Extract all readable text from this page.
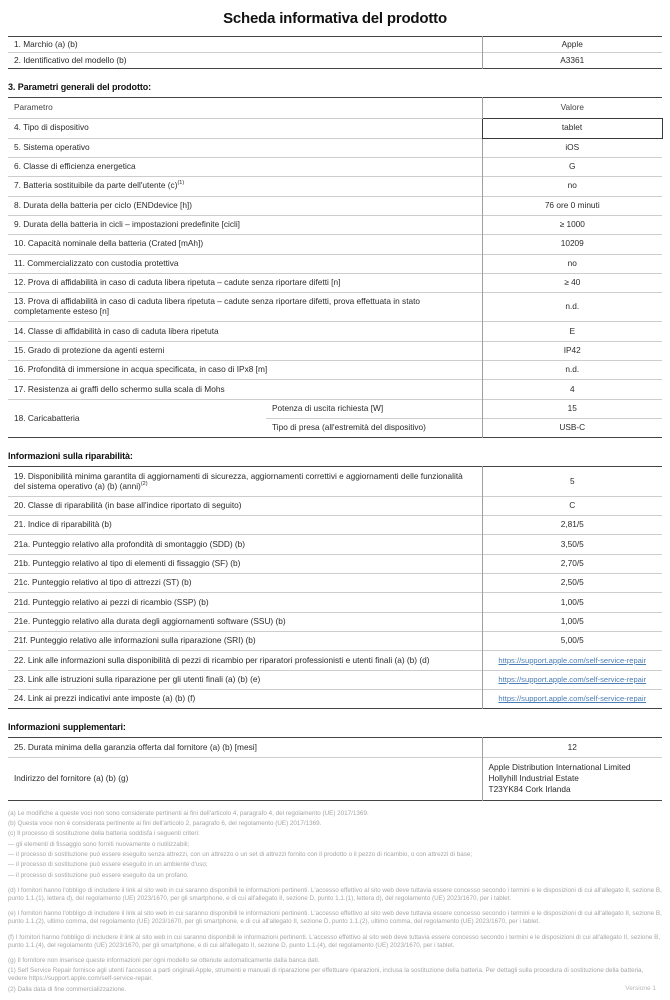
Scheda informativa del prodotto
1. Marchio (a) (b)	Apple
2. Identificativo del modello (b)	A3361
3. Parametri generali del prodotto:
Parametro		Valore
4. Tipo di dispositivo		tablet
5. Sistema operativo		iOS
6. Classe di efficienza energetica		G
7. Batteria sostituibile da parte dell'utente $(c)^{(1)}$		no
8. Durata della batteria per ciclo (ENDdevice [h])		76 ore 0 minuti
9. Durata della batteria in cicli – impostazioni predefinite [cicli]		≥ 1000
10. Capacità nominale della batteria (Crated [mAh])		10209
11. Commercializzato con custodia protettiva		no
12. Prova di affidabilità in caso di caduta libera ripetuta – cadute senza riportare difetti [n]		≥ 40
13. Prova di affidabilità in caso di caduta libera ripetuta – cadute senza riportare difetti, prova effettuata in stato completamente esteso [n]		n.d.
14. Classe di affidabilità in caso di caduta libera ripetuta		E
15. Grado di protezione da agenti esterni		IP42
16. Profondità di immersione in acqua specificata, in caso di IPx8 [m]		n.d.
17. Resistenza ai graffi dello schermo sulla scala di Mohs		4
18. Caricabatteria	Potenza di uscita richiesta [W]	15
	Tipo di presa (all'estremità del dispositivo)	USB-C
Informazioni sulla riparabilità:
19. Disponibilità minima garantita di aggiornamenti di sicurezza, aggiornamenti correttivi e aggiornamenti delle funzionalità del sistema operativo (a) (b) (anni)$^{(2)}$	5
20. Classe di riparabilità (in base all'indice riportato di seguito)	C
21. Indice di riparabilità (b)	2,81/5
21a. Punteggio relativo alla profondità di smontaggio (SDD) (b)	3,50/5
21b. Punteggio relativo al tipo di elementi di fissaggio (SF) (b)	2,70/5
21c. Punteggio relativo al tipo di attrezzi (ST) (b)	2,50/5
21d. Punteggio relativo ai pezzi di ricambio (SSP) (b)	1,00/5
21e. Punteggio relativo alla durata degli aggiornamenti software (SSU) (b)	1,00/5
21f. Punteggio relativo alle informazioni sulla riparazione (SRI) (b)	5,00/5
22. Link alle informazioni sulla disponibilità di pezzi di ricambio per riparatori professionisti e utenti finali (a) (b) (d)	https://support.apple.com/self-service-repair
23. Link alle istruzioni sulla riparazione per gli utenti finali (a) (b) (e)	https://support.apple.com/self-service-repair
24. Link ai prezzi indicativi ante imposte (a) (b) (f)	https://support.apple.com/self-service-repair
Informazioni supplementari:
25. Durata minima della garanzia offerta dal fornitore (a) (b) [mesi]	12
Indirizzo del fornitore (a) (b) (g)	Apple Distribution International Limited
Hollyhill Industrial Estate
T23YK84 Cork Irlanda

(a) Le modifiche a queste voci non sono considerate pertinenti ai fini dell'articolo 4, paragrafo 4, del regolamento (UE) 2017/1369.

(b) Questa voce non è considerata pertinente ai fini dell'articolo 2, paragrafo 6, del regolamento (UE) 2017/1369.

(c) Il processo di sostituzione della batteria soddisfa i seguenti criteri:

— gli elementi di fissaggio sono forniti nuovamente o riutilizzabili;

— il processo di sostituzione può essere eseguito senza attrezzi, con un attrezzo o un set di attrezzi fornito con il prodotto o il pezzo di ricambio, o con attrezzi di base;

— il processo di sostituzione può essere eseguito in un ambiente d'uso;

— il processo di sostituzione può essere eseguito da un profano.

(d) I fornitori hanno l'obbligo di includere il link al sito web in cui saranno disponibili le informazioni pertinenti. L'accesso effettivo al sito web deve tuttavia essere concesso secondo i termini e le disposizioni di cui all'allegato II, sezione B, punto 1.1.(1), lettera d), del regolamento (UE) 2023/1670, per gli smartphone, e di cui all'allegato II, sezione D, punto 1.1.(1), lettera d), del regolamento (UE) 2023/1670, per i tablet.

(e) I fornitori hanno l'obbligo di includere il link al sito web in cui saranno disponibili le informazioni pertinenti. L'accesso effettivo al sito web deve tuttavia essere concesso secondo i termini e le disposizioni di cui all'allegato II, sezione B, punto 1.1.(2), ultimo comma, del regolamento (UE) 2023/1670, per gli smartphone, e di cui all'allegato II, sezione D, punto 1.1.(2), ultimo comma, del regolamento (UE) 2023/1670, per i tablet.

(f) I fornitori hanno l'obbligo di includere il link al sito web in cui saranno disponibili le informazioni pertinenti. L'accesso effettivo al sito web deve tuttavia essere concesso secondo i termini e le disposizioni di cui all'allegato II, sezione B, punto 1.1.(4), del regolamento (UE) 2023/1670, per gli smartphone, e di cui all'allegato II, sezione D, punto 1.1.(4), del regolamento (UE) 2023/1670, per i tablet.

(g) Il fornitore non inserisce queste informazioni per ogni modello se ottenute automaticamente dalla banca dati.

(1) Self Service Repair fornisce agli utenti l'accesso a parti originali Apple, strumenti e manuali di riparazione per effettuare riparazioni, inclusa la sostituzione della batteria. Per dettagli sulla procedura di sostituzione della batteria, vedere https://support.apple.com/self-service-repair.

(2) Dalla data di fine commercializzazione.	Versione 1
